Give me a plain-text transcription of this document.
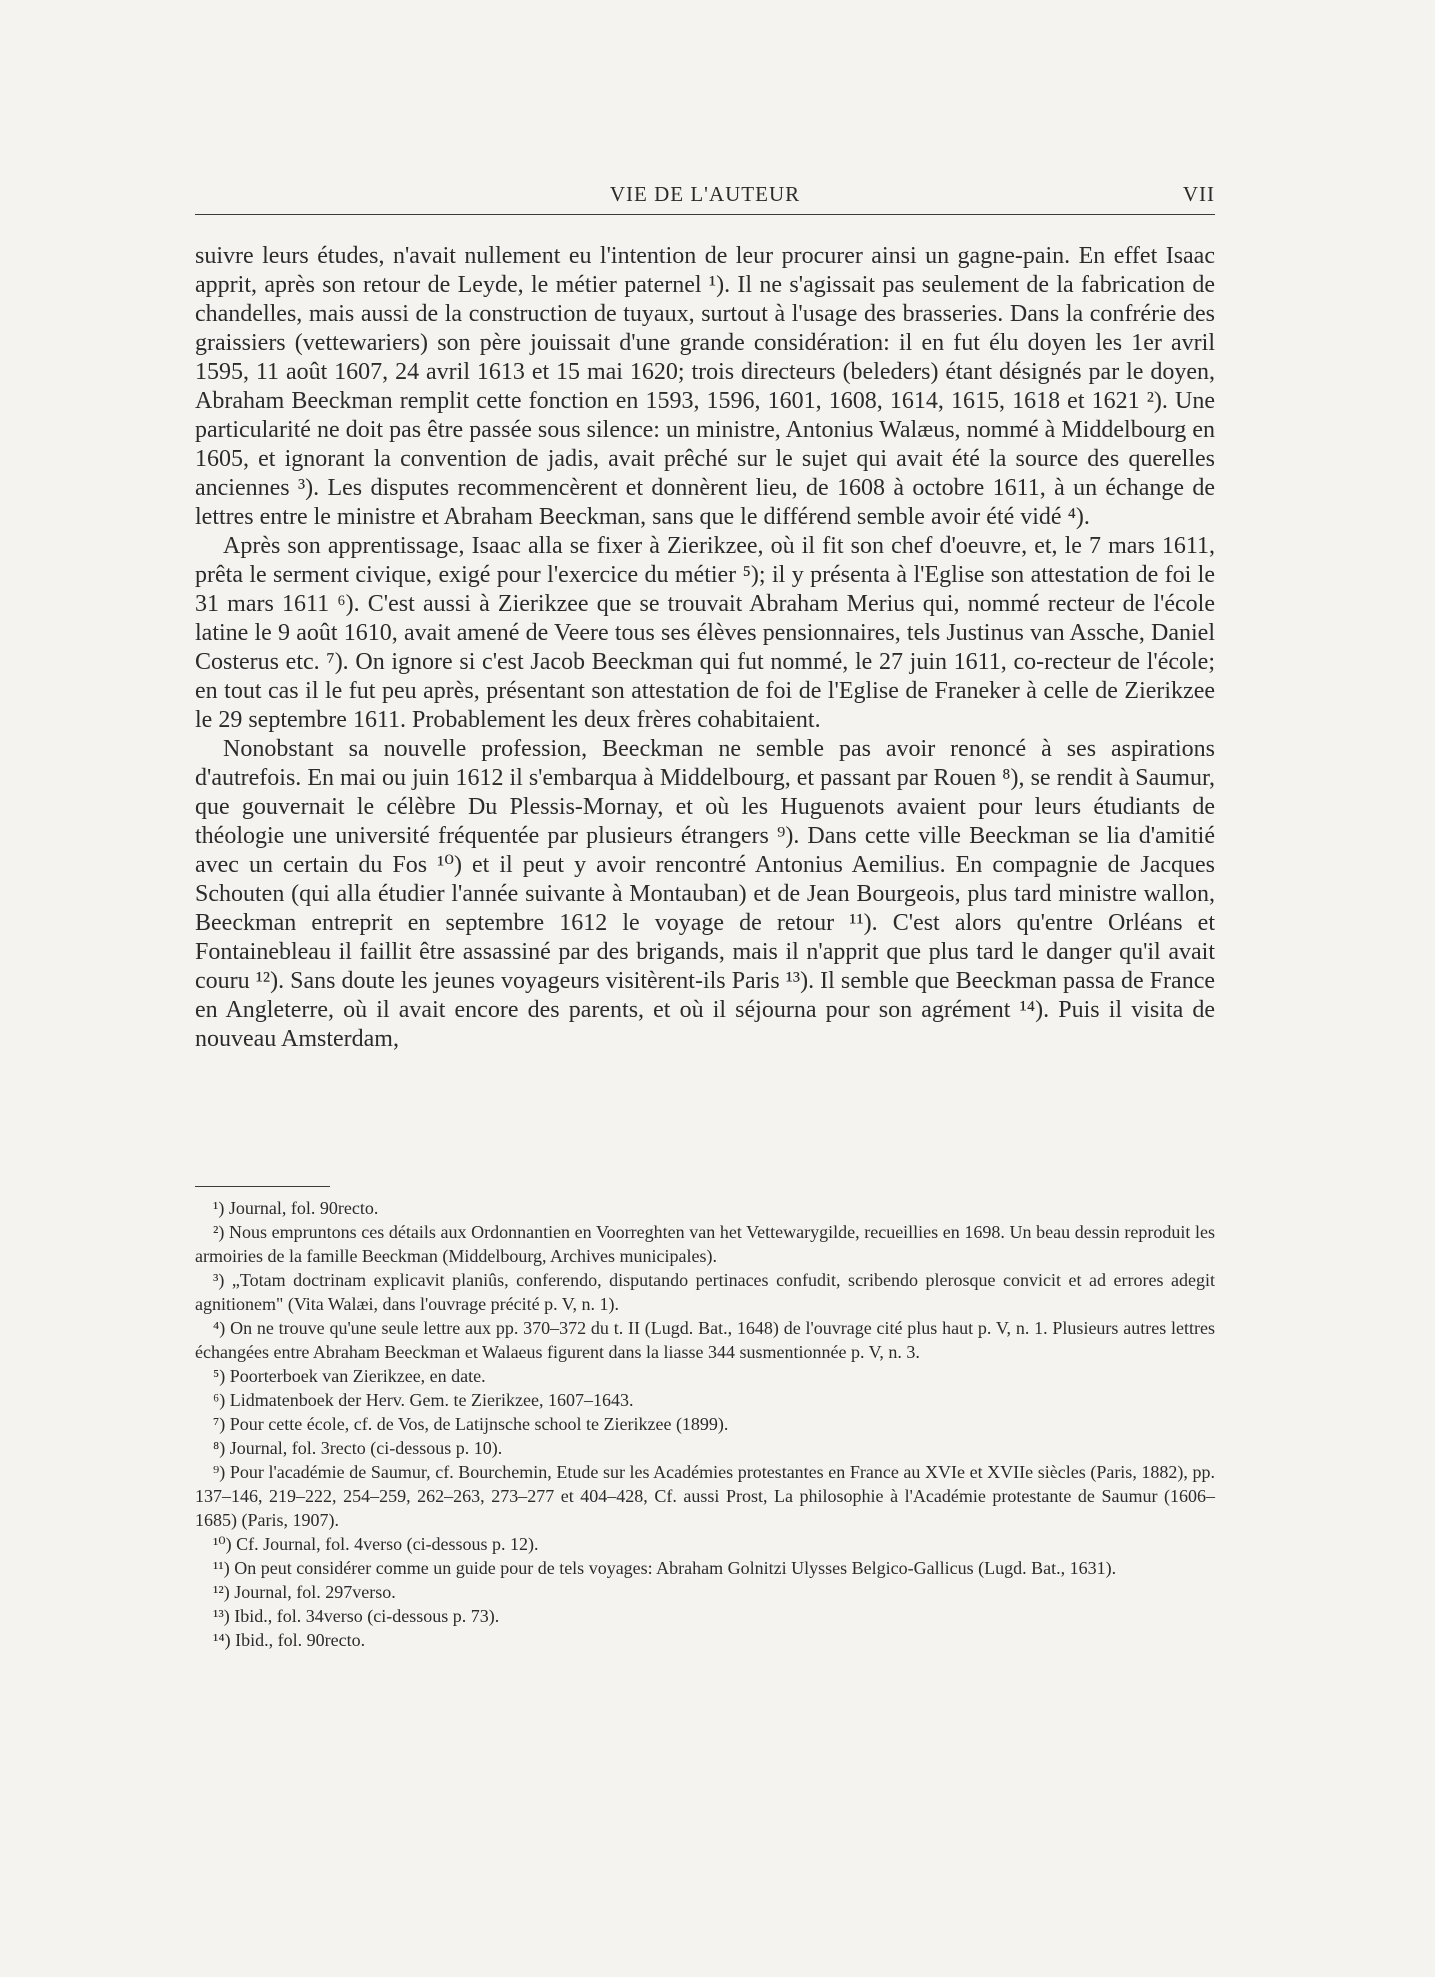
VIE DE L'AUTEUR	VII

suivre leurs études, n'avait nullement eu l'intention de leur procurer ainsi un gagne-pain. En effet Isaac apprit, après son retour de Leyde, le métier paternel ¹). Il ne s'agissait pas seulement de la fabrication de chandelles, mais aussi de la construction de tuyaux, surtout à l'usage des brasseries. Dans la confrérie des graissiers (vettewariers) son père jouissait d'une grande considération: il en fut élu doyen les 1er avril 1595, 11 août 1607, 24 avril 1613 et 15 mai 1620; trois directeurs (beleders) étant désignés par le doyen, Abraham Beeckman remplit cette fonction en 1593, 1596, 1601, 1608, 1614, 1615, 1618 et 1621 ²). Une particularité ne doit pas être passée sous silence: un ministre, Antonius Walæus, nommé à Middelbourg en 1605, et ignorant la convention de jadis, avait prêché sur le sujet qui avait été la source des querelles anciennes ³). Les disputes recommencèrent et donnèrent lieu, de 1608 à octobre 1611, à un échange de lettres entre le ministre et Abraham Beeckman, sans que le différend semble avoir été vidé ⁴).

Après son apprentissage, Isaac alla se fixer à Zierikzee, où il fit son chef d'oeuvre, et, le 7 mars 1611, prêta le serment civique, exigé pour l'exercice du métier ⁵); il y présenta à l'Eglise son attestation de foi le 31 mars 1611 ⁶). C'est aussi à Zierikzee que se trouvait Abraham Merius qui, nommé recteur de l'école latine le 9 août 1610, avait amené de Veere tous ses élèves pensionnaires, tels Justinus van Assche, Daniel Costerus etc. ⁷). On ignore si c'est Jacob Beeckman qui fut nommé, le 27 juin 1611, co-recteur de l'école; en tout cas il le fut peu après, présentant son attestation de foi de l'Eglise de Franeker à celle de Zierikzee le 29 septembre 1611. Probablement les deux frères cohabitaient.

Nonobstant sa nouvelle profession, Beeckman ne semble pas avoir renoncé à ses aspirations d'autrefois. En mai ou juin 1612 il s'embarqua à Middelbourg, et passant par Rouen ⁸), se rendit à Saumur, que gouvernait le célèbre Du Plessis-Mornay, et où les Huguenots avaient pour leurs étudiants de théologie une université fréquentée par plusieurs étrangers ⁹). Dans cette ville Beeckman se lia d'amitié avec un certain du Fos ¹⁰) et il peut y avoir rencontré Antonius Aemilius. En compagnie de Jacques Schouten (qui alla étudier l'année suivante à Montauban) et de Jean Bourgeois, plus tard ministre wallon, Beeckman entreprit en septembre 1612 le voyage de retour ¹¹). C'est alors qu'entre Orléans et Fontainebleau il faillit être assassiné par des brigands, mais il n'apprit que plus tard le danger qu'il avait couru ¹²). Sans doute les jeunes voyageurs visitèrent-ils Paris ¹³). Il semble que Beeckman passa de France en Angleterre, où il avait encore des parents, et où il séjourna pour son agrément ¹⁴). Puis il visita de nouveau Amsterdam,

¹) Journal, fol. 90recto.

²) Nous empruntons ces détails aux Ordonnantien en Voorreghten van het Vettewarygilde, recueillies en 1698. Un beau dessin reproduit les armoiries de la famille Beeckman (Middelbourg, Archives municipales).

³) „Totam doctrinam explicavit planiûs, conferendo, disputando pertinaces confudit, scribendo plerosque convicit et ad errores adegit agnitionem" (Vita Walæi, dans l'ouvrage précité p. V, n. 1).

⁴) On ne trouve qu'une seule lettre aux pp. 370–372 du t. II (Lugd. Bat., 1648) de l'ouvrage cité plus haut p. V, n. 1. Plusieurs autres lettres échangées entre Abraham Beeckman et Walaeus figurent dans la liasse 344 susmentionnée p. V, n. 3.

⁵) Poorterboek van Zierikzee, en date.

⁶) Lidmatenboek der Herv. Gem. te Zierikzee, 1607–1643.

⁷) Pour cette école, cf. de Vos, de Latijnsche school te Zierikzee (1899).

⁸) Journal, fol. 3recto (ci-dessous p. 10).

⁹) Pour l'académie de Saumur, cf. Bourchemin, Etude sur les Académies protestantes en France au XVIe et XVIIe siècles (Paris, 1882), pp. 137–146, 219–222, 254–259, 262–263, 273–277 et 404–428, Cf. aussi Prost, La philosophie à l'Académie protestante de Saumur (1606–1685) (Paris, 1907).

¹⁰) Cf. Journal, fol. 4verso (ci-dessous p. 12).

¹¹) On peut considérer comme un guide pour de tels voyages: Abraham Golnitzi Ulysses Belgico-Gallicus (Lugd. Bat., 1631).

¹²) Journal, fol. 297verso.

¹³) Ibid., fol. 34verso (ci-dessous p. 73).

¹⁴) Ibid., fol. 90recto.
